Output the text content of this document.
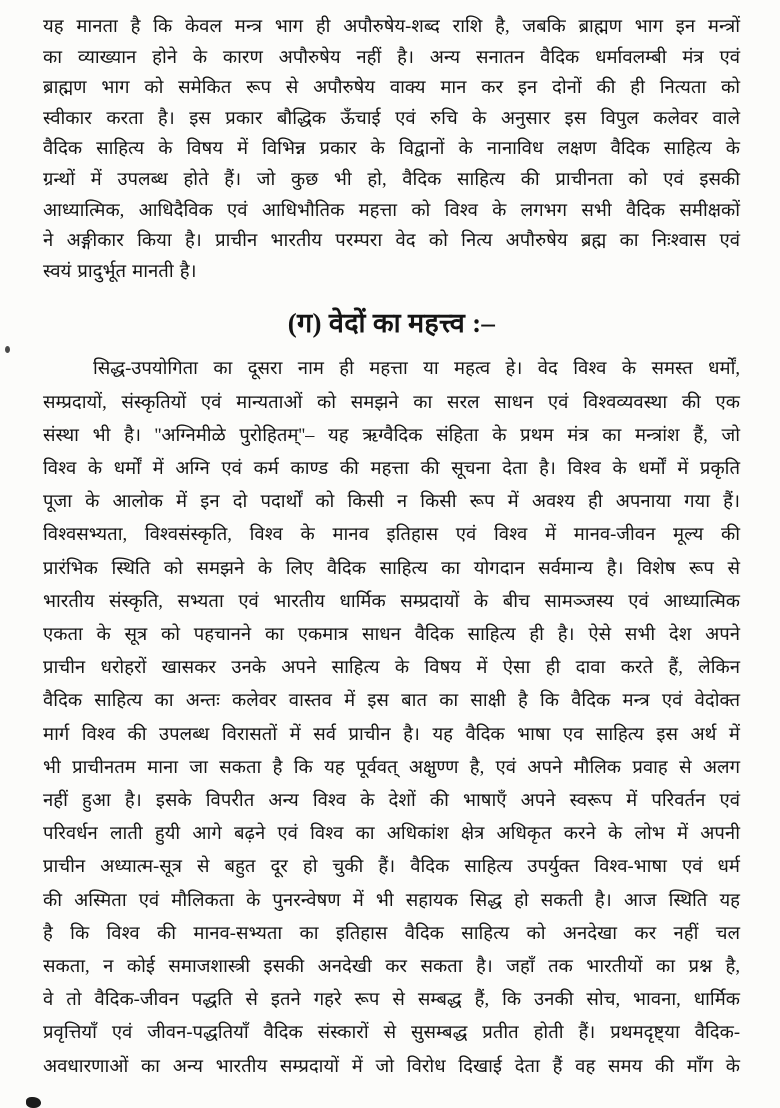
यह मानता है कि केवल मन्त्र भाग ही अपौरुषेय-शब्द राशि है, जबकि ब्राह्मण भाग इन मन्त्रों
का व्याख्यान होने के कारण अपौरुषेय नहीं है। अन्य सनातन वैदिक धर्मावलम्बी मंत्र एवं
ब्राह्मण भाग को समेकित रूप से अपौरुषेय वाक्य मान कर इन दोनों की ही नित्यता को
स्वीकार करता है। इस प्रकार बौद्धिक ऊँचाई एवं रुचि के अनुसार इस विपुल कलेवर वाले
वैदिक साहित्य के विषय में विभिन्न प्रकार के विद्वानों के नानाविध लक्षण वैदिक साहित्य के
ग्रन्थों में उपलब्ध होते हैं। जो कुछ भी हो, वैदिक साहित्य की प्राचीनता को एवं इसकी
आध्यात्मिक, आधिदैविक एवं आधिभौतिक महत्ता को विश्व के लगभग सभी वैदिक समीक्षकों
ने अङ्गीकार किया है। प्राचीन भारतीय परम्परा वेद को नित्य अपौरुषेय ब्रह्म का निःश्वास एवं
स्वयं प्रादुर्भूत मानती है।
(ग) वेदों का महत्त्व :–
सिद्ध-उपयोगिता का दूसरा नाम ही महत्ता या महत्व हे। वेद विश्व के समस्त धर्मों,
सम्प्रदायों, संस्कृतियों एवं मान्यताओं को समझने का सरल साधन एवं विश्वव्यवस्था की एक
संस्था भी है। ''अग्निमीळे पुरोहितम्''– यह ऋग्वैदिक संहिता के प्रथम मंत्र का मन्त्रांश हैं, जो
विश्व के धर्मों में अग्नि एवं कर्म काण्ड की महत्ता की सूचना देता है। विश्व के धर्मों में प्रकृति
पूजा के आलोक में इन दो पदार्थों को किसी न किसी रूप में अवश्य ही अपनाया गया हैं।
विश्वसभ्यता, विश्वसंस्कृति, विश्व के मानव इतिहास एवं विश्व में मानव-जीवन मूल्य की
प्रारंभिक स्थिति को समझने के लिए वैदिक साहित्य का योगदान सर्वमान्य है। विशेष रूप से
भारतीय संस्कृति, सभ्यता एवं भारतीय धार्मिक सम्प्रदायों के बीच सामञ्जस्य एवं आध्यात्मिक
एकता के सूत्र को पहचानने का एकमात्र साधन वैदिक साहित्य ही है। ऐसे सभी देश अपने
प्राचीन धरोहरों खासकर उनके अपने साहित्य के विषय में ऐसा ही दावा करते हैं, लेकिन
वैदिक साहित्य का अन्तः कलेवर वास्तव में इस बात का साक्षी है कि वैदिक मन्त्र एवं वेदोक्त
मार्ग विश्व की उपलब्ध विरासतों में सर्व प्राचीन है। यह वैदिक भाषा एव साहित्य इस अर्थ में
भी प्राचीनतम माना जा सकता है कि यह पूर्ववत् अक्षुण्ण है, एवं अपने मौलिक प्रवाह से अलग
नहीं हुआ है। इसके विपरीत अन्य विश्व के देशों की भाषाएँ अपने स्वरूप में परिवर्तन एवं
परिवर्धन लाती हुयी आगे बढ़ने एवं विश्व का अधिकांश क्षेत्र अधिकृत करने के लोभ में अपनी
प्राचीन अध्यात्म-सूत्र से बहुत दूर हो चुकी हैं। वैदिक साहित्य उपर्युक्त विश्व-भाषा एवं धर्म
की अस्मिता एवं मौलिकता के पुनरन्वेषण में भी सहायक सिद्ध हो सकती है। आज स्थिति यह
है कि विश्व की मानव-सभ्यता का इतिहास वैदिक साहित्य को अनदेखा कर नहीं चल
सकता, न कोई समाजशास्त्री इसकी अनदेखी कर सकता है। जहाँ तक भारतीयों का प्रश्न है,
वे तो वैदिक-जीवन पद्धति से इतने गहरे रूप से सम्बद्ध हैं, कि उनकी सोच, भावना, धार्मिक
प्रवृत्तियाँ एवं जीवन-पद्धतियाँ वैदिक संस्कारों से सुसम्बद्ध प्रतीत होती हैं। प्रथमदृष्ट्या वैदिक-
अवधारणाओं का अन्य भारतीय सम्प्रदायों में जो विरोध दिखाई देता हैं वह समय की माँग के
